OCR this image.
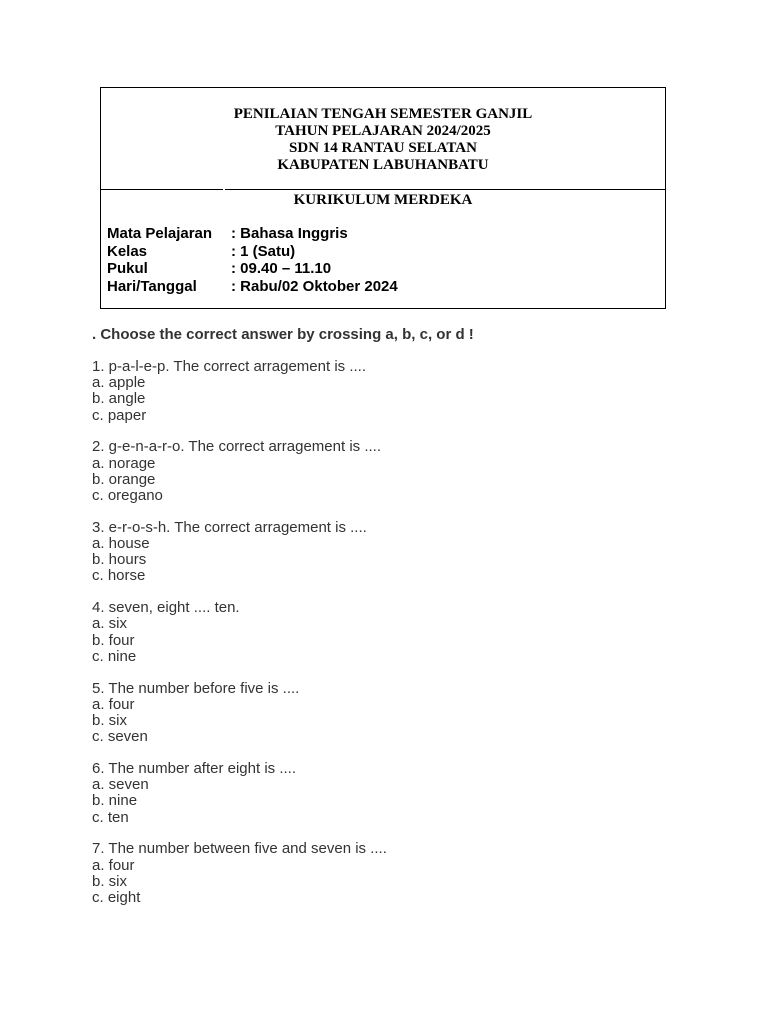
PENILAIAN TENGAH SEMESTER GANJIL
TAHUN PELAJARAN 2024/2025
SDN 14 RANTAU SELATAN
KABUPATEN LABUHANBATU
KURIKULUM MERDEKA
Mata Pelajaran	: Bahasa Inggris
Kelas	: 1 (Satu)
Pukul	: 09.40 – 11.10
Hari/Tanggal	: Rabu/02 Oktober 2024
. Choose the correct answer by crossing a, b, c, or d !
1. p-a-l-e-p. The correct arragement is ....
a. apple
b. angle
c. paper
2. g-e-n-a-r-o. The correct arragement is ....
a. norage
b. orange
c. oregano
3. e-r-o-s-h. The correct arragement is ....
a. house
b. hours
c. horse
4. seven, eight .... ten.
a. six
b. four
c. nine
5. The number before five is ....
a. four
b. six
c. seven
6. The number after eight is ....
a. seven
b. nine
c. ten
7. The number between five and seven is ....
a. four
b. six
c. eight
